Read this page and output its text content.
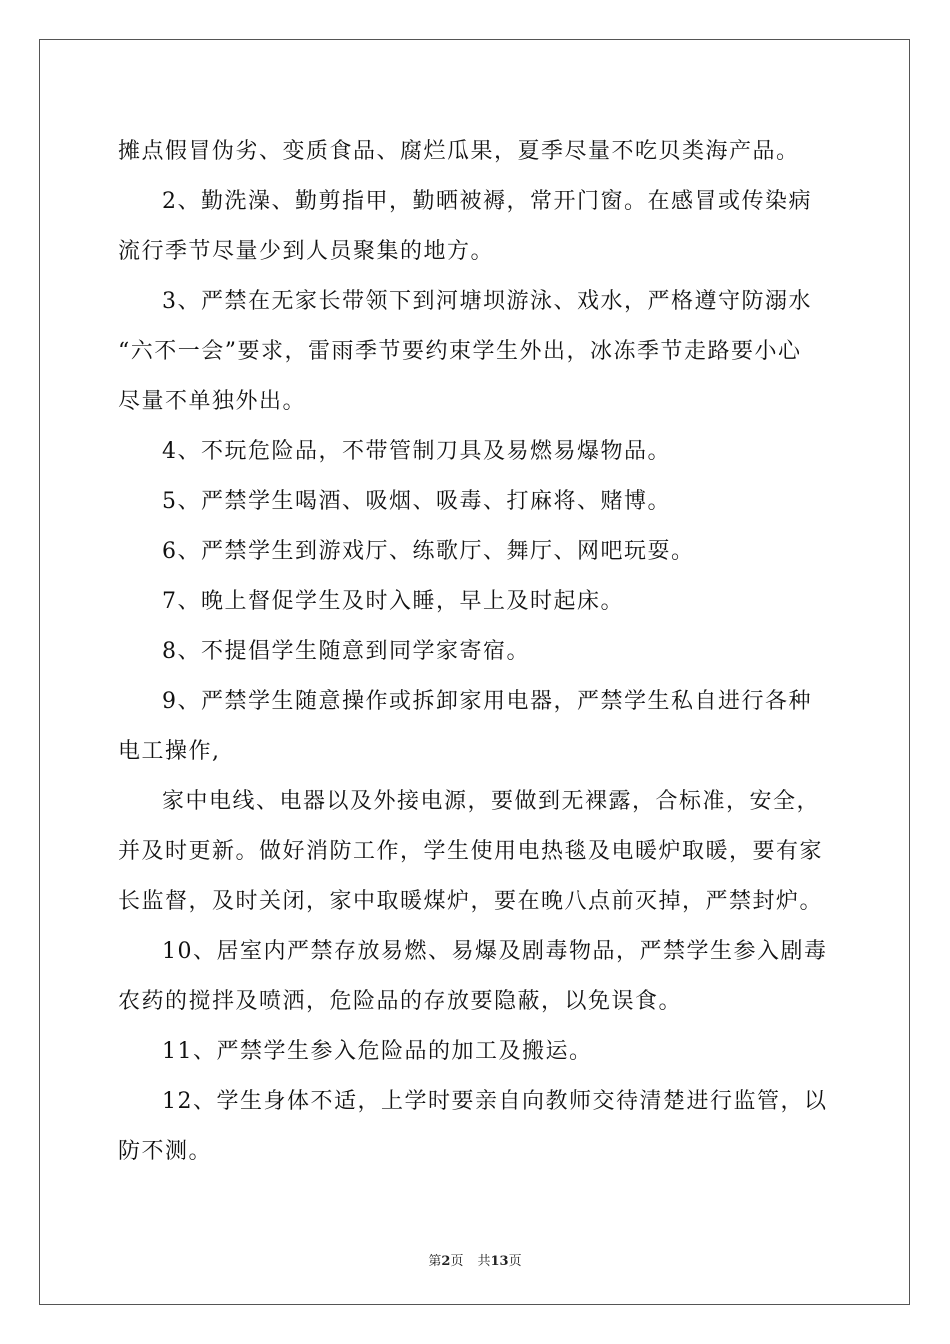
摊点假冒伪劣、变质食品、腐烂瓜果，夏季尽量不吃贝类海产品。
2、勤洗澡、勤剪指甲，勤晒被褥，常开门窗。在感冒或传染病
流行季节尽量少到人员聚集的地方。
3、严禁在无家长带领下到河塘坝游泳、戏水，严格遵守防溺水
“六不一会”要求，雷雨季节要约束学生外出，冰冻季节走路要小心
尽量不单独外出。
4、不玩危险品，不带管制刀具及易燃易爆物品。
5、严禁学生喝酒、吸烟、吸毒、打麻将、赌博。
6、严禁学生到游戏厅、练歌厅、舞厅、网吧玩耍。
7、晚上督促学生及时入睡，早上及时起床。
8、不提倡学生随意到同学家寄宿。
9、严禁学生随意操作或拆卸家用电器，严禁学生私自进行各种
电工操作,
家中电线、电器以及外接电源，要做到无裸露，合标准，安全，
并及时更新。做好消防工作，学生使用电热毯及电暖炉取暖，要有家
长监督，及时关闭，家中取暖煤炉，要在晚八点前灭掉，严禁封炉。
10、居室内严禁存放易燃、易爆及剧毒物品，严禁学生参入剧毒
农药的搅拌及喷洒，危险品的存放要隐蔽，以免误食。
11、严禁学生参入危险品的加工及搬运。
12、学生身体不适，上学时要亲自向教师交待清楚进行监管，以
防不测。
第2页 共13页
